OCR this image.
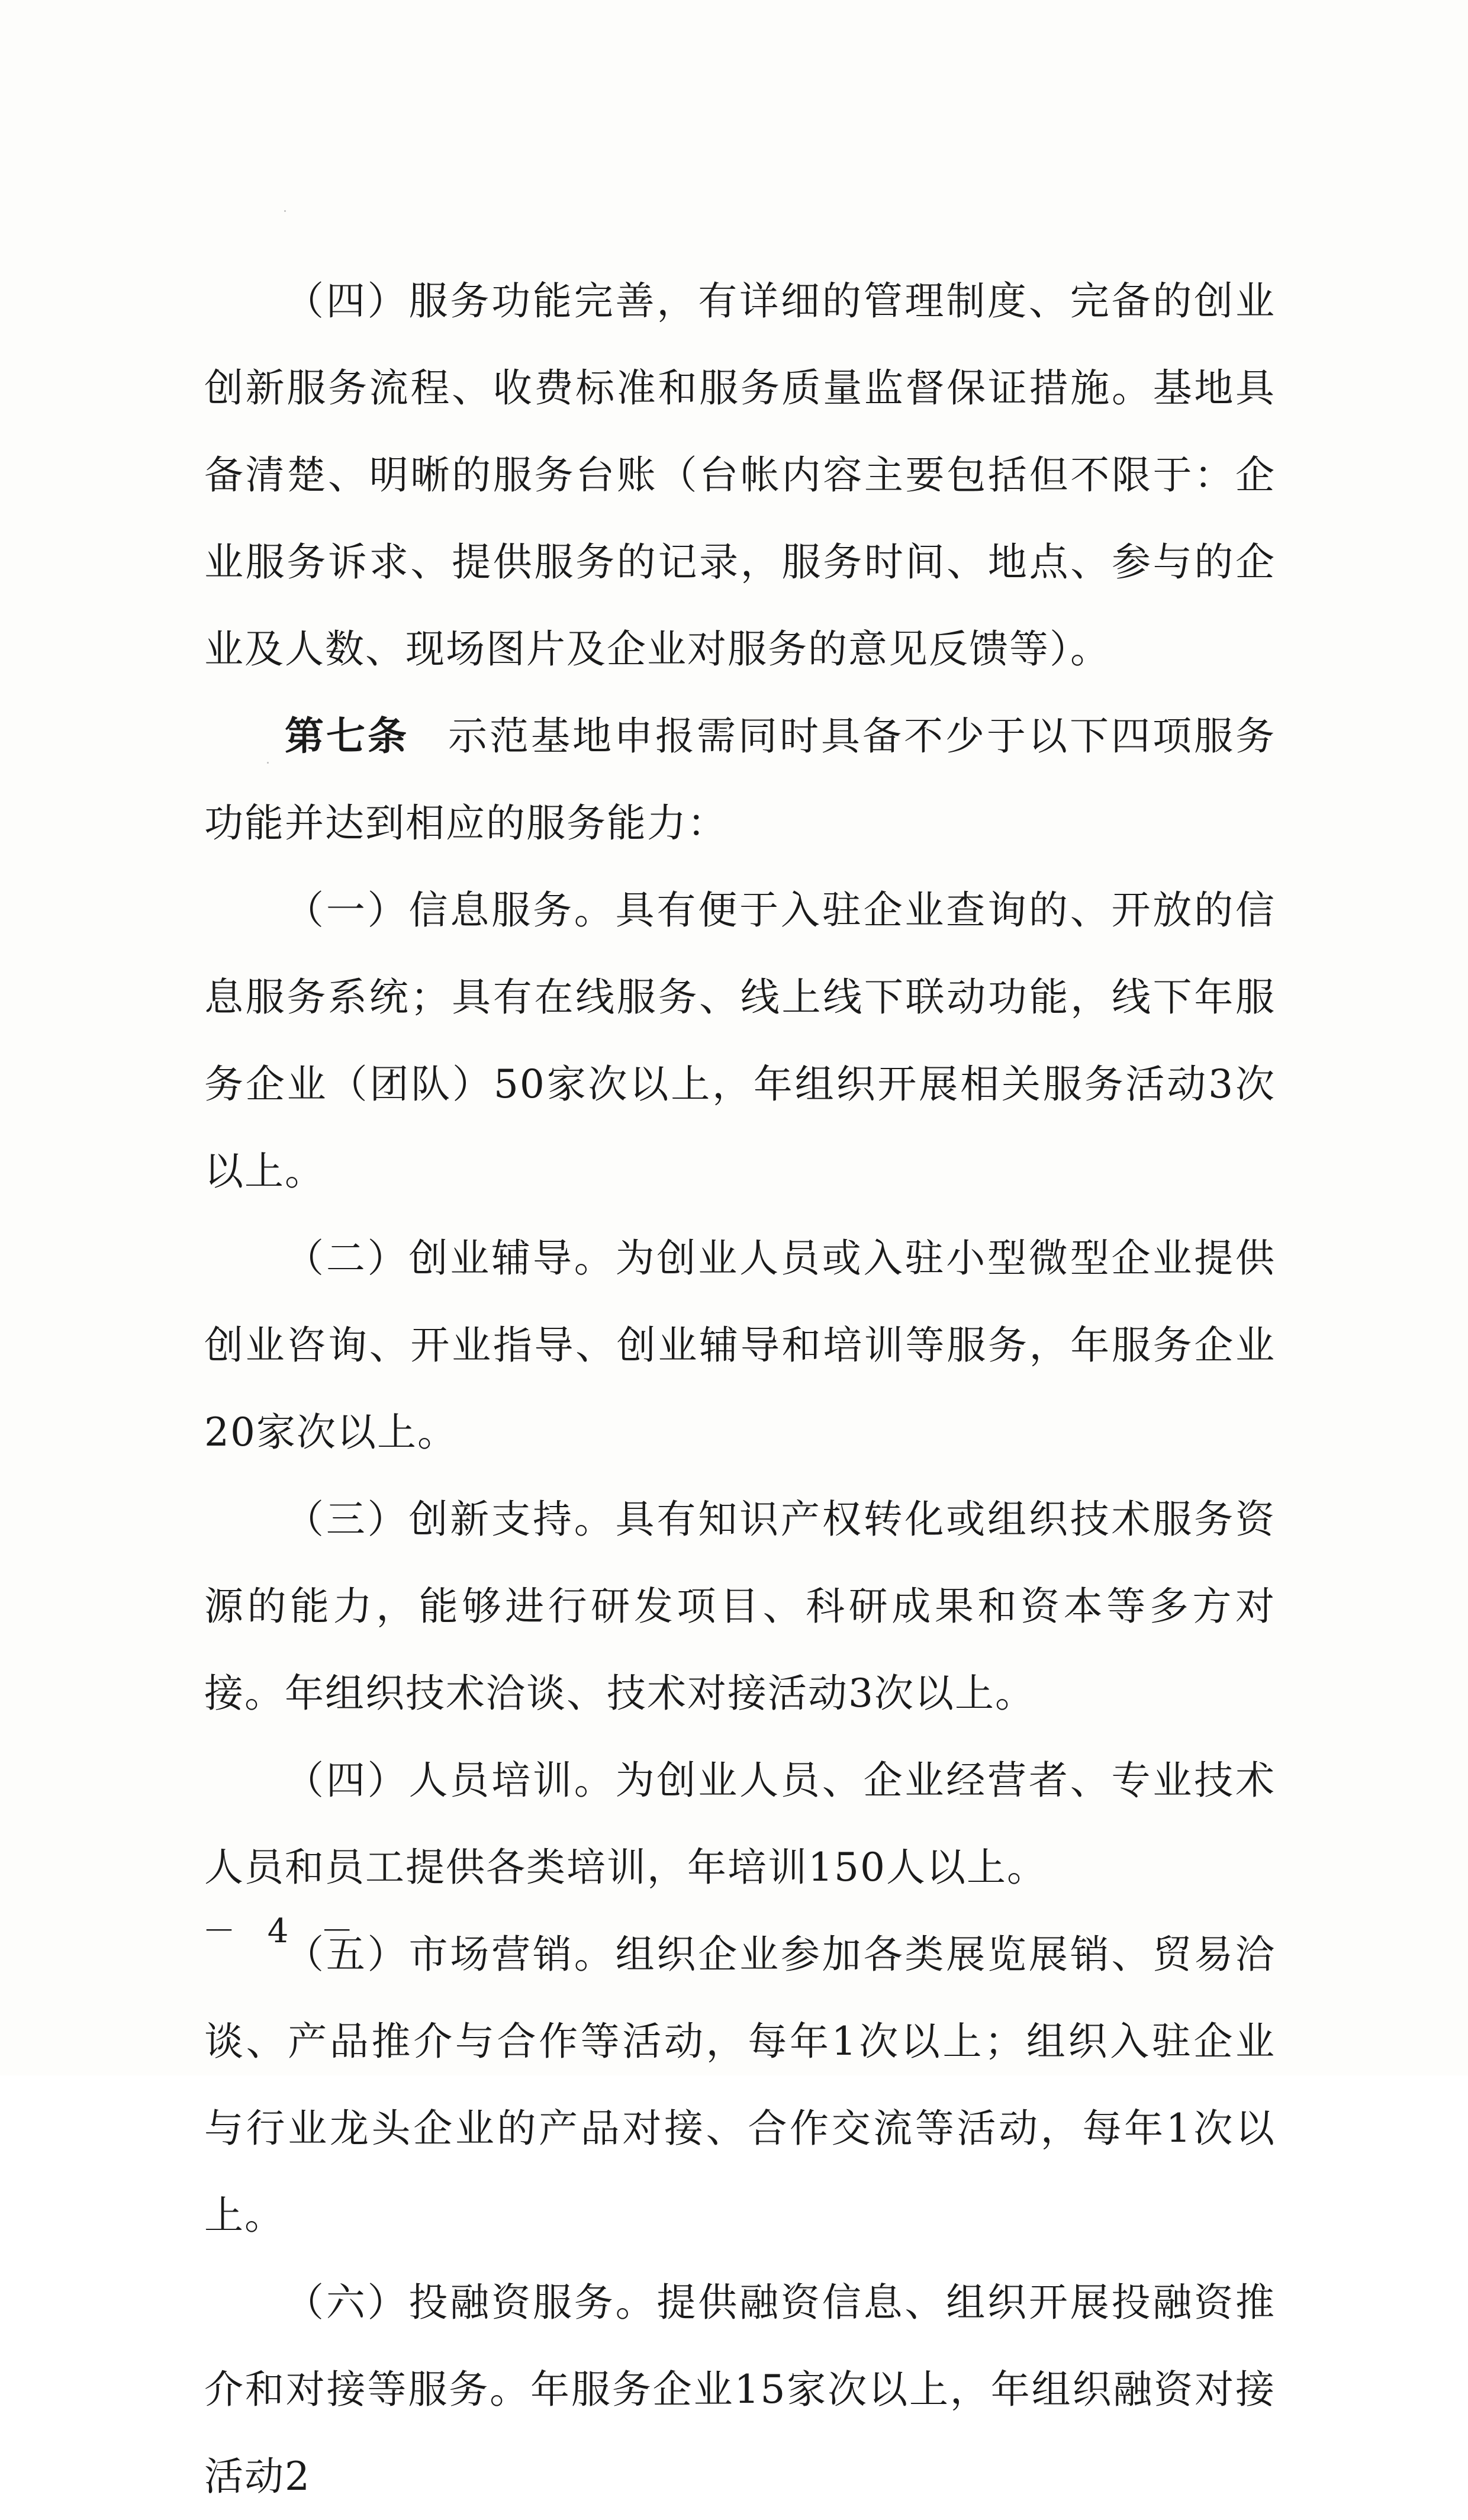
（四）服务功能完善，有详细的管理制度、完备的创业创新服务流程、收费标准和服务质量监督保证措施。基地具备清楚、明晰的服务台账（台帐内容主要包括但不限于：企业服务诉求、提供服务的记录，服务时间、地点、参与的企业及人数、现场图片及企业对服务的意见反馈等）。

第七条 示范基地申报需同时具备不少于以下四项服务功能并达到相应的服务能力：

（一）信息服务。具有便于入驻企业查询的、开放的信息服务系统；具有在线服务、线上线下联动功能，线下年服务企业（团队）50家次以上，年组织开展相关服务活动3次以上。

（二）创业辅导。为创业人员或入驻小型微型企业提供创业咨询、开业指导、创业辅导和培训等服务，年服务企业20家次以上。

（三）创新支持。具有知识产权转化或组织技术服务资源的能力，能够进行研发项目、科研成果和资本等多方对接。年组织技术洽谈、技术对接活动3次以上。

（四）人员培训。为创业人员、企业经营者、专业技术人员和员工提供各类培训，年培训150人以上。

（五）市场营销。组织企业参加各类展览展销、贸易洽谈、产品推介与合作等活动，每年1次以上；组织入驻企业与行业龙头企业的产品对接、合作交流等活动，每年1次以上。

（六）投融资服务。提供融资信息、组织开展投融资推介和对接等服务。年服务企业15家次以上，年组织融资对接活动2

－ 4 －
